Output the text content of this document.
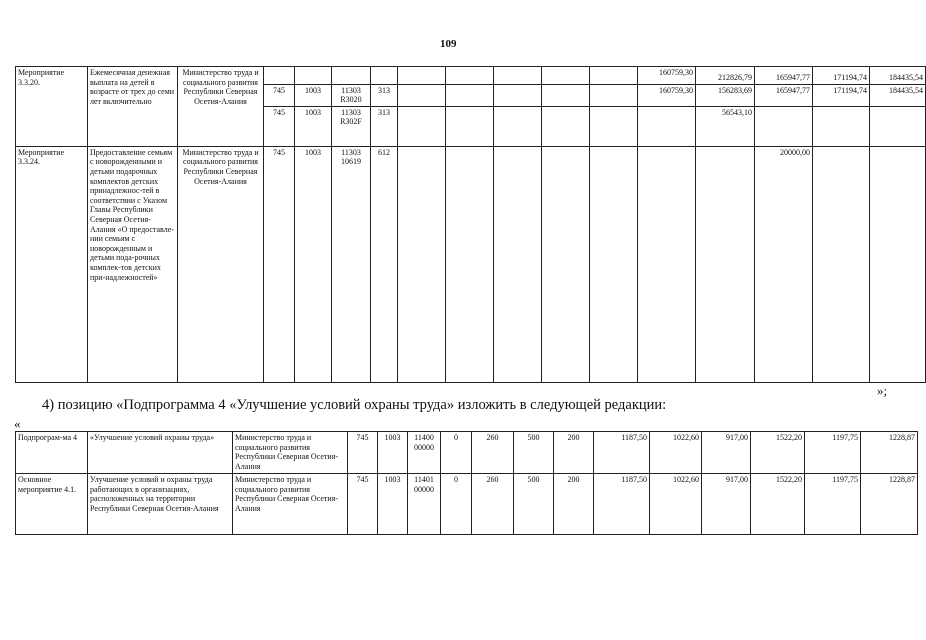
109
Мероприятие 3.3.20.	Ежемесячная денежная выплата на детей в возрасте от трех до семи лет включительно	Министерство труда и социального развития Республики Северная Осетия-Алания										160759,30	212826,79	165947,77	171194,74	184435,54
			745	1003	11303 R3020	313						160759,30	156283,69	165947,77	171194,74	184435,54
			745	1003	11303 R302F	313							56543,10			
Мероприятие 3.3.24.	Предоставление семьям с новорожденными и детьми подарочных комплектов детских принадлежнос-тей в соответствии с Указом Главы Республики Северная Осетия-Алания «О предоставле-нии семьям с новорожденным и детьми пода-рочных комплек-тов детских при-надлежностей»	Министерство труда и социального развития Республики Северная Осетия-Алания	745	1003	11303 10619	612								20000,00		
»;
4) позицию «Подпрограмма 4 «Улучшение условий охраны труда» изложить в следующей редакции:
«
Подпрограм-ма 4	«Улучшение условий охраны труда»	Министерство труда и социального развития Республики Северная Осетия-Алания	745	1003	11400 00000	0	260	500	200	1187,50	1022,60	917,00	1522,20	1197,75	1228,87
Основное мероприятие 4.1.	Улучшение условий и охраны труда работающих в организациях, расположенных на территории Республики Северная Осетия-Алания	Министерство труда и социального развития Республики Северная Осетия-Алания	745	1003	11401 00000	0	260	500	200	1187,50	1022,60	917,00	1522,20	1197,75	1228,87
